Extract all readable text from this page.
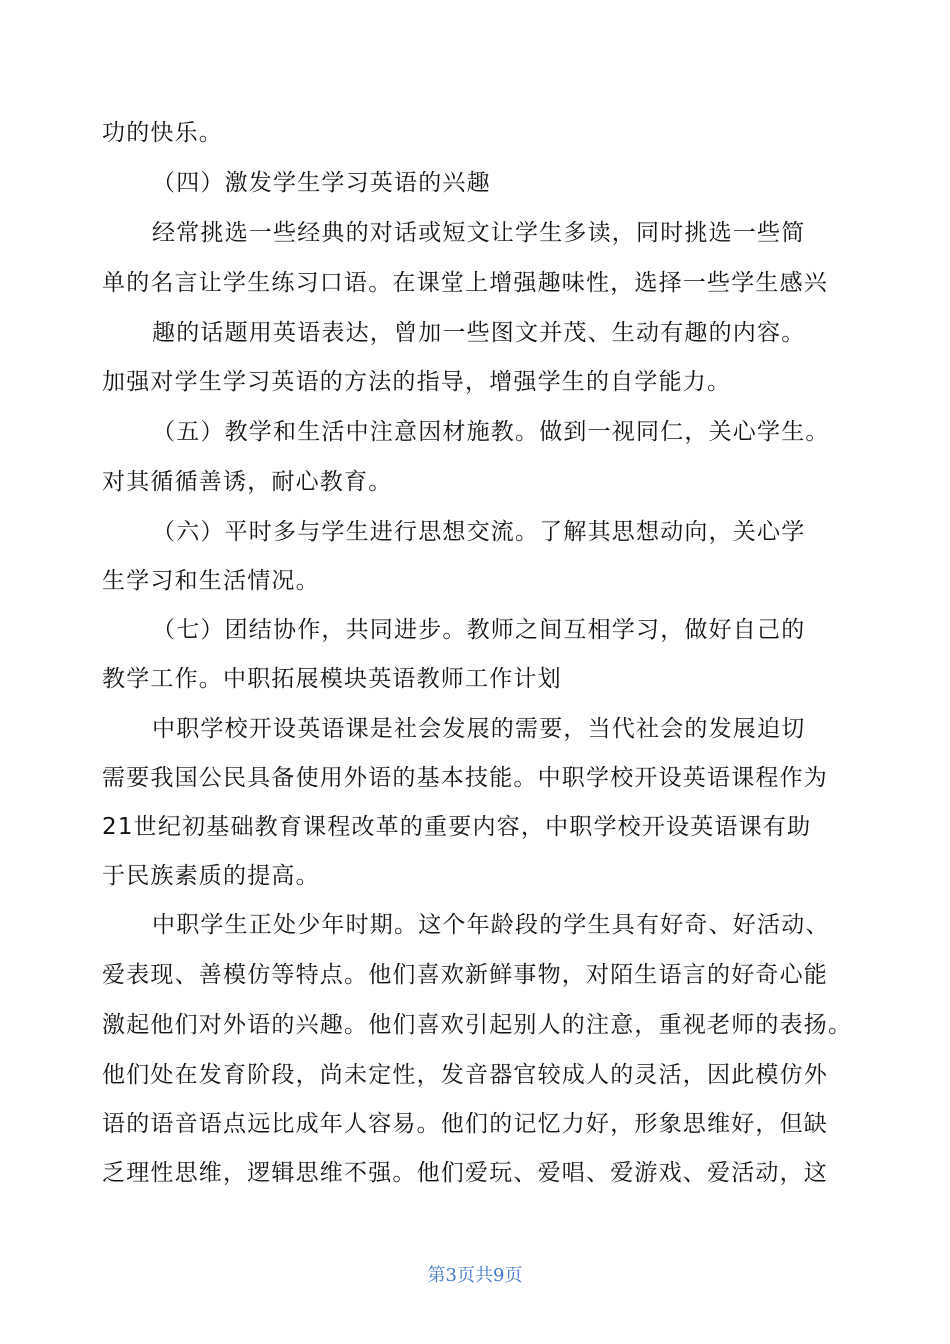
功的快乐。
（四）激发学生学习英语的兴趣
经常挑选一些经典的对话或短文让学生多读，同时挑选一些简
单的名言让学生练习口语。在课堂上增强趣味性，选择一些学生感兴
趣的话题用英语表达，曾加一些图文并茂、生动有趣的内容。
加强对学生学习英语的方法的指导，增强学生的自学能力。
（五）教学和生活中注意因材施教。做到一视同仁，关心学生。
对其循循善诱，耐心教育。
（六）平时多与学生进行思想交流。了解其思想动向，关心学
生学习和生活情况。
（七）团结协作，共同进步。教师之间互相学习，做好自己的
教学工作。中职拓展模块英语教师工作计划
中职学校开设英语课是社会发展的需要，当代社会的发展迫切
需要我国公民具备使用外语的基本技能。中职学校开设英语课程作为
21世纪初基础教育课程改革的重要内容，中职学校开设英语课有助
于民族素质的提高。
中职学生正处少年时期。这个年龄段的学生具有好奇、好活动、
爱表现、善模仿等特点。他们喜欢新鲜事物，对陌生语言的好奇心能
激起他们对外语的兴趣。他们喜欢引起别人的注意，重视老师的表扬。
他们处在发育阶段，尚未定性，发音器官较成人的灵活，因此模仿外
语的语音语点远比成年人容易。他们的记忆力好，形象思维好，但缺
乏理性思维，逻辑思维不强。他们爱玩、爱唱、爱游戏、爱活动，这
第3页共9页
